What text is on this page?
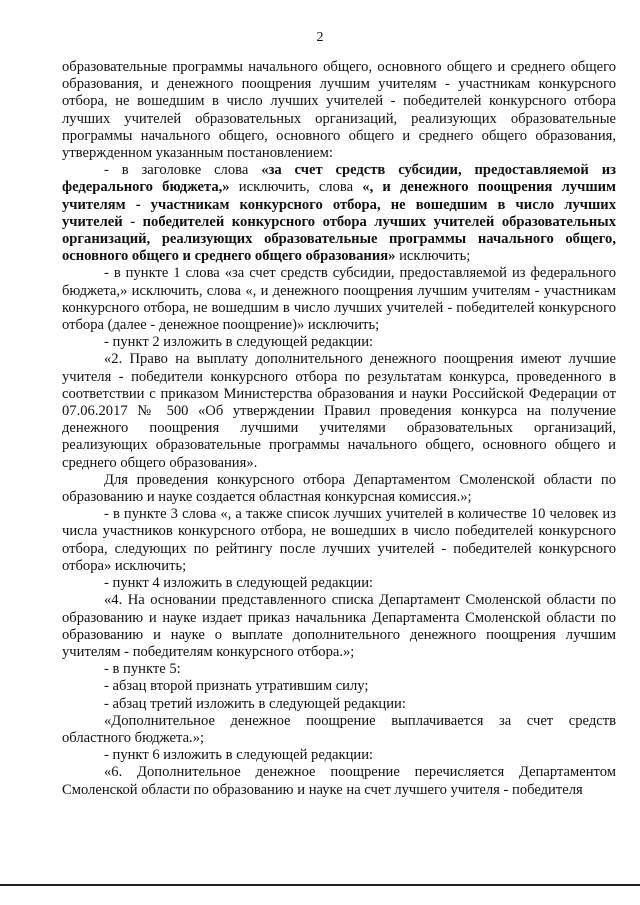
2

образовательные программы начального общего, основного общего и среднего общего образования, и денежного поощрения лучшим учителям - участникам конкурсного отбора, не вошедшим в число лучших учителей - победителей конкурсного отбора лучших учителей образовательных организаций, реализующих образовательные программы начального общего, основного общего и среднего общего образования, утвержденном указанным постановлением:

- в заголовке слова «за счет средств субсидии, предоставляемой из федерального бюджета,» исключить, слова «, и денежного поощрения лучшим учителям - участникам конкурсного отбора, не вошедшим в число лучших учителей - победителей конкурсного отбора лучших учителей образовательных организаций, реализующих образовательные программы начального общего, основного общего и среднего общего образования» исключить;

- в пункте 1 слова «за счет средств субсидии, предоставляемой из федерального бюджета,» исключить, слова «, и денежного поощрения лучшим учителям - участникам конкурсного отбора, не вошедшим в число лучших учителей - победителей конкурсного отбора (далее - денежное поощрение)» исключить;

- пункт 2 изложить в следующей редакции:

«2. Право на выплату дополнительного денежного поощрения имеют лучшие учителя - победители конкурсного отбора по результатам конкурса, проведенного в соответствии с приказом Министерства образования и науки Российской Федерации от 07.06.2017 № 500 «Об утверждении Правил проведения конкурса на получение денежного поощрения лучшими учителями образовательных организаций, реализующих образовательные программы начального общего, основного общего и среднего общего образования».

Для проведения конкурсного отбора Департаментом Смоленской области по образованию и науке создается областная конкурсная комиссия.»;

- в пункте 3 слова «, а также список лучших учителей в количестве 10 человек из числа участников конкурсного отбора, не вошедших в число победителей конкурсного отбора, следующих по рейтингу после лучших учителей - победителей конкурсного отбора» исключить;

- пункт 4 изложить в следующей редакции:

«4. На основании представленного списка Департамент Смоленской области по образованию и науке издает приказ начальника Департамента Смоленской области по образованию и науке о выплате дополнительного денежного поощрения лучшим учителям - победителям конкурсного отбора.»;

- в пункте 5:

- абзац второй признать утратившим силу;

- абзац третий изложить в следующей редакции:

«Дополнительное денежное поощрение выплачивается за счет средств областного бюджета.»;

- пункт 6 изложить в следующей редакции:

«6. Дополнительное денежное поощрение перечисляется Департаментом Смоленской области по образованию и науке на счет лучшего учителя - победителя
